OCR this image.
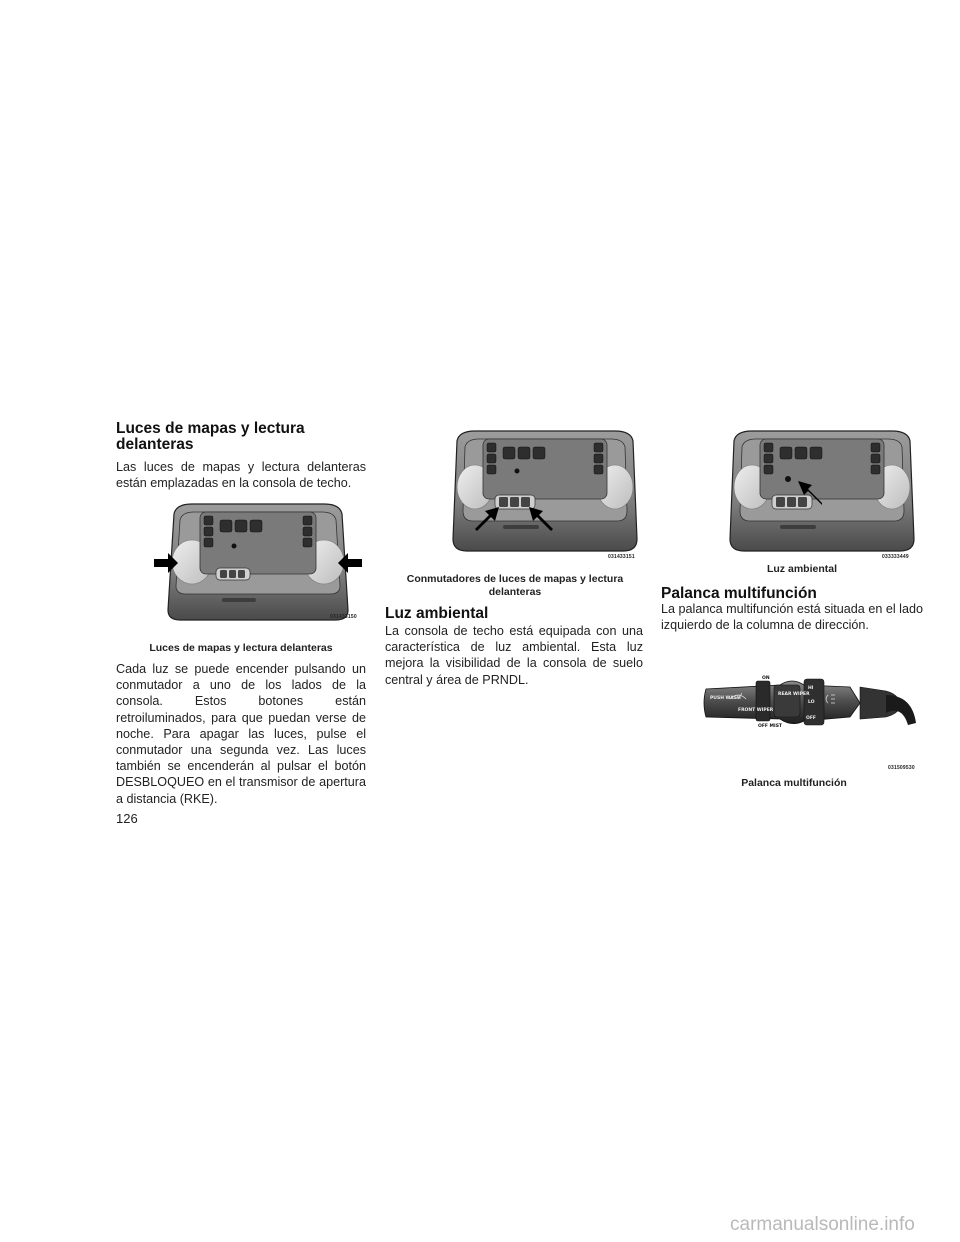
Luces de mapas y lectura
delanteras

Las luces de mapas y lectura delanteras están emplazadas en la consola de techo.

031433150
Luces de mapas y lectura delanteras

Cada luz se puede encender pulsando un conmutador a uno de los lados de la consola. Estos botones están retroiluminados, para que puedan verse de noche. Para apagar las luces, pulse el conmutador una segunda vez. Las luces también se encenderán al pulsar el botón DESBLOQUEO en el transmisor de apertura a distancia (RKE).

031433151
Conmutadores de luces de mapas y lectura
delanteras
Luz ambiental

La consola de techo está equipada con una característica de luz ambiental. Esta luz mejora la visibilidad de la consola de suelo central y área de PRNDL.

033333449
Luz ambiental
Palanca multifunción

La palanca multifunción está situada en el lado izquierdo de la columna de dirección.

PUSH WASH
FRONT WIPER
OFF MIST
REAR WIPER
OFF
ON
HI
LO
031509530
Palanca multifunción
126
carmanualsonline.info
